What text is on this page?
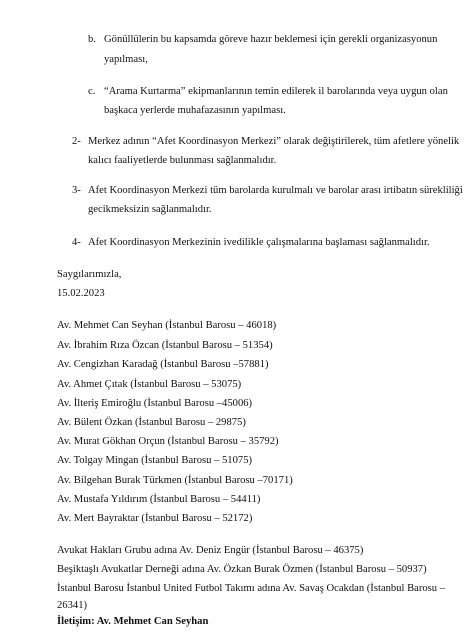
b. Gönüllülerin bu kapsamda göreve hazır beklemesi için gerekli organizasyonun
yapılması,
c. “Arama Kurtarma” ekipmanlarının temin edilerek il barolarında veya uygun olan
başkaca yerlerde muhafazasının yapılması.
2- Merkez adının “Afet Koordinasyon Merkezi” olarak değiştirilerek, tüm afetlere yönelik
kalıcı faaliyetlerde bulunması sağlanmalıdır.
3- Afet Koordinasyon Merkezi tüm barolarda kurulmalı ve barolar arası irtibatın sürekliliği
gecikmeksizin sağlanmalıdır.
4- Afet Koordinasyon Merkezinin ivedilikle çalışmalarına başlaması sağlanmalıdır.
Saygılarımızla,
15.02.2023
Av. Mehmet Can Seyhan (İstanbul Barosu – 46018)
Av. İbrahim Rıza Özcan (İstanbul Barosu – 51354)
Av. Cengizhan Karadağ (İstanbul Barosu –57881)
Av. Ahmet Çıtak (İstanbul Barosu – 53075)
Av. İlteriş Emiroğlu (İstanbul Barosu –45006)
Av. Bülent Özkan (İstanbul Barosu – 29875)
Av. Murat Gökhan Orçun (İstanbul Barosu – 35792)
Av. Tolgay Mingan (İstanbul Barosu – 51075)
Av. Bilgehan Burak Türkmen (İstanbul Barosu –70171)
Av. Mustafa Yıldırım (İstanbul Barosu – 54411)
Av. Mert Bayraktar (İstanbul Barosu – 52172)
Avukat Hakları Grubu adına Av. Deniz Engür (İstanbul Barosu – 46375)
Beşiktaşlı Avukatlar Derneği adına Av. Özkan Burak Özmen (İstanbul Barosu – 50937)
İstanbul Barosu İstanbul United Futbol Takımı adına Av. Savaş Ocakdan (İstanbul Barosu –
26341)
İletişim: Av. Mehmet Can Seyhan
